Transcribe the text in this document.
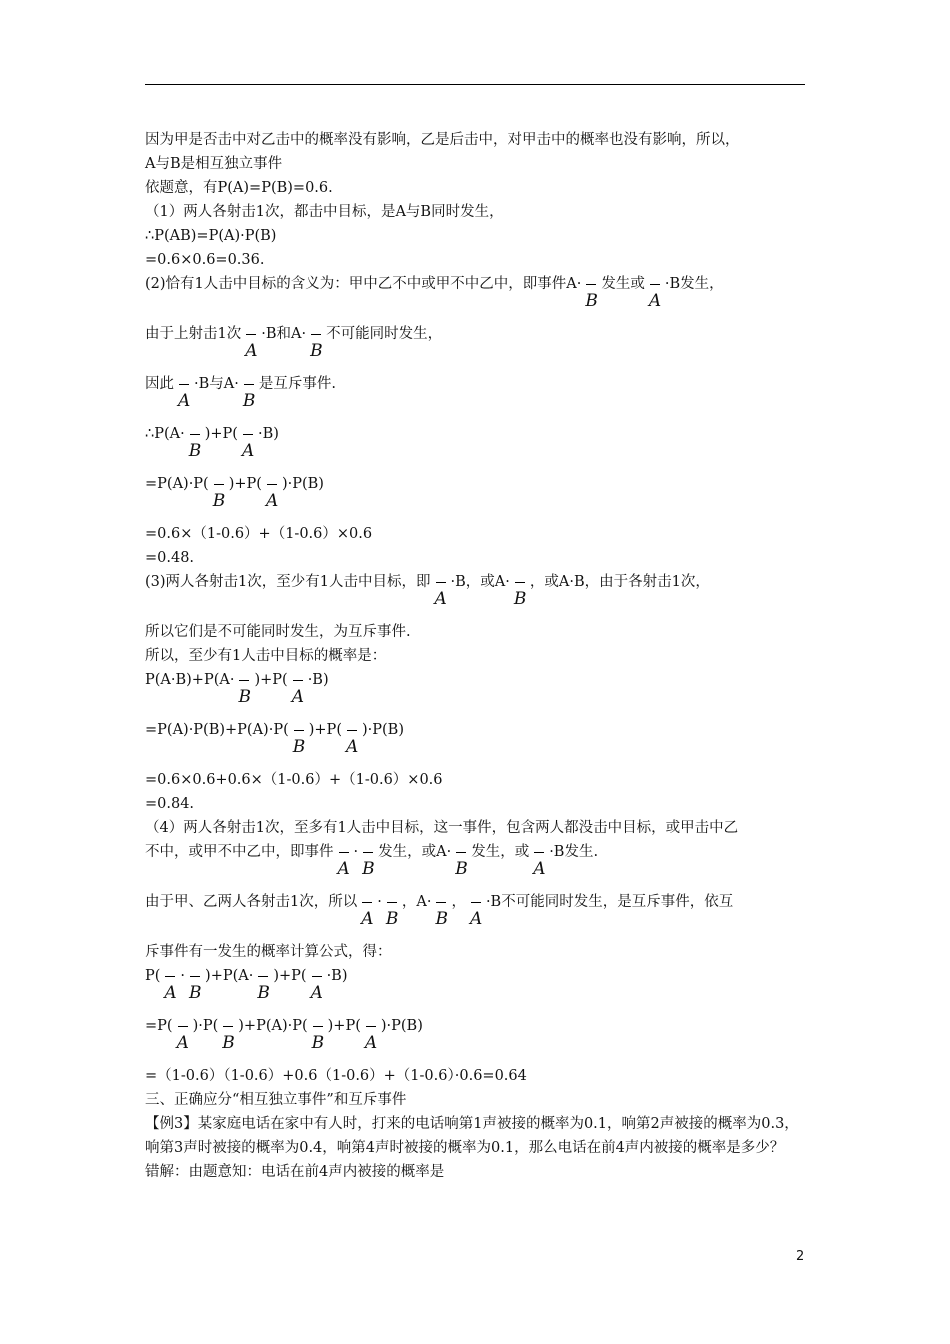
因为甲是否击中对乙击中的概率没有影响，乙是后击中，对甲击中的概率也没有影响，所以，
A与B是相互独立事件
依题意，有P(A)=P(B)=0.6.
（1）两人各射击1次，都击中目标，是A与B同时发生，
∴P(AB)=P(A)·P(B)
=0.6×0.6=0.36.
(2)恰有1人击中目标的含义为：甲中乙不中或甲不中乙中，即事件A·
B
发生或
A
·B发生，
由于上射击1次
A
·B和A·
B
不可能同时发生，
因此
A
·B与A·
B
是互斥事件.
∴P(A·
B
)+P(
A
·B)
=P(A)·P(
B
)+P(
A
)·P(B)
=0.6×（1-0.6）+（1-0.6）×0.6
=0.48.
(3)两人各射击1次，至少有1人击中目标，即
A
·B，或A·
B
，或A·B，由于各射击1次，
所以它们是不可能同时发生，为互斥事件.
所以，至少有1人击中目标的概率是：
P(A·B)+P(A·
B
)+P(
A
·B)
=P(A)·P(B)+P(A)·P(
B
)+P(
A
)·P(B)
=0.6×0.6+0.6×（1-0.6）+（1-0.6）×0.6
=0.84.
（4）两人各射击1次，至多有1人击中目标，这一事件，包含两人都没击中目标，或甲击中乙
不中，或甲不中乙中，即事件
A
·
B
发生，或A·
B
发生，或
A
·B发生.
由于甲、乙两人各射击1次，所以
A
·
B
，A·
B
，
A
·B不可能同时发生，是互斥事件，依互
斥事件有一发生的概率计算公式，得：
P(
A
·
B
)+P(A·
B
)+P(
A
·B)
=P(
A
)·P(
B
)+P(A)·P(
B
)+P(
A
)·P(B)
=（1-0.6）（1-0.6）+0.6（1-0.6）+（1-0.6）·0.6=0.64
三、正确应分“相互独立事件”和互斥事件
【例3】某家庭电话在家中有人时，打来的电话响第1声被接的概率为0.1，响第2声被接的概率为0.3，响第3声时被接的概率为0.4，响第4声时被接的概率为0.1，那么电话在前4声内被接的概率是多少？
错解：由题意知：电话在前4声内被接的概率是
2
